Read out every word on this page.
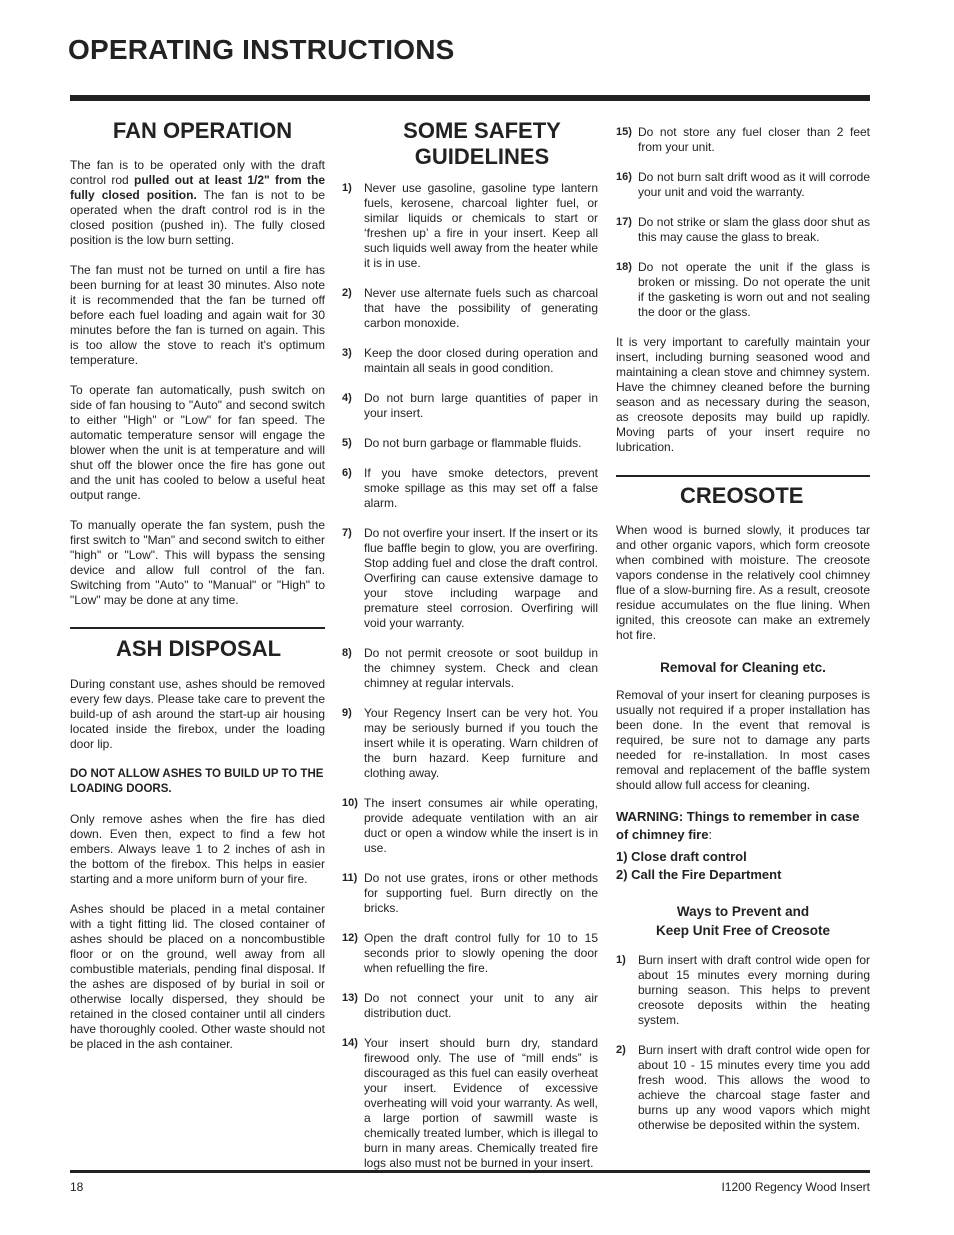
OPERATING INSTRUCTIONS
FAN OPERATION

The fan is to be operated only with the draft control rod pulled out at least 1/2" from the fully closed position. The fan is not to be operated when the draft control rod is in the closed position (pushed in). The fully closed position is the low burn setting.

The fan must not be turned on until a fire has been burning for at least 30 minutes. Also note it is recommended that the fan be turned off before each fuel loading and again wait for 30 minutes before the fan is turned on again. This is too allow the stove to reach it's optimum temperature.

To operate fan automatically, push switch on side of fan housing to "Auto" and second switch to either "High" or "Low" for fan speed. The automatic temperature sensor will engage the blower when the unit is at temperature and will shut off the blower once the fire has gone out and the unit has cooled to below a useful heat output range.

To manually operate the fan system, push the first switch to "Man" and second switch to either "high" or "Low". This will bypass the sensing device and allow full control of the fan. Switching from "Auto" to "Manual" or "High" to "Low" may be done at any time.

ASH DISPOSAL

During constant use, ashes should be removed every few days. Please take care to prevent the build-up of ash around the start-up air housing located inside the firebox, under the loading door lip.

DO NOT ALLOW ASHES TO BUILD UP TO THE LOADING DOORS.

Only remove ashes when the fire has died down. Even then, expect to find a few hot embers. Always leave 1 to 2 inches of ash in the bottom of the firebox. This helps in easier starting and a more uniform burn of your fire.

Ashes should be placed in a metal container with a tight fitting lid. The closed container of ashes should be placed on a noncombustible floor or on the ground, well away from all combustible materials, pending final disposal. If the ashes are disposed of by burial in soil or otherwise locally dispersed, they should be retained in the closed container until all cinders have thoroughly cooled. Other waste should not be placed in the ash container.

SOME SAFETY
GUIDELINES
1)	Never use gasoline, gasoline type lantern fuels, kerosene, charcoal lighter fuel, or similar liquids or chemicals to start or ‘freshen up’ a fire in your insert. Keep all such liquids well away from the heater while it is in use.
2)	Never use alternate fuels such as charcoal that have the possibility of generating carbon monoxide.
3)	Keep the door closed during operation and maintain all seals in good condition.
4)	Do not burn large quantities of paper in your insert.
5)	Do not burn garbage or flammable fluids.
6)	If you have smoke detectors, prevent smoke spillage as this may set off a false alarm.
7)	Do not overfire your insert. If the insert or its flue baffle begin to glow, you are overfiring. Stop adding fuel and close the draft control. Overfiring can cause extensive damage to your stove including warpage and premature steel corrosion. Overfiring will void your warranty.
8)	Do not permit creosote or soot buildup in the chimney system. Check and clean chimney at regular intervals.
9)	Your Regency Insert can be very hot. You may be seriously burned if you touch the insert while it is operating. Warn children of the burn hazard. Keep furniture and clothing away.
10) The insert consumes air while operating, provide adequate ventilation with an air duct or open a window while the insert is in use.
11) Do not use grates, irons or other methods for supporting fuel. Burn directly on the bricks.
12) Open the draft control fully for 10 to 15 seconds prior to slowly opening the door when refuelling the fire.
13) Do not connect your unit to any air distribution duct.
14) Your insert should burn dry, standard firewood only. The use of “mill ends” is discouraged as this fuel can easily overheat your insert. Evidence of excessive overheating will void your warranty. As well, a large portion of sawmill waste is chemically treated lumber, which is illegal to burn in many areas. Chemically treated fire logs also must not be burned in your insert.
15) Do not store any fuel closer than 2 feet from your unit.
16) Do not burn salt drift wood as it will corrode your unit and void the warranty.
17) Do not strike or slam the glass door shut as this may cause the glass to break.
18) Do not operate the unit if the glass is broken or missing. Do not operate the unit if the gasketing is worn out and not sealing the door or the glass.

It is very important to carefully maintain your insert, including burning seasoned wood and maintaining a clean stove and chimney system. Have the chimney cleaned before the burning season and as necessary during the season, as creosote deposits may build up rapidly. Moving parts of your insert require no lubrication.

CREOSOTE

When wood is burned slowly, it produces tar and other organic vapors, which form creosote when combined with moisture. The creosote vapors condense in the relatively cool chimney flue of a slow-burning fire. As a result, creosote residue accumulates on the flue lining. When ignited, this creosote can make an extremely hot fire.

Removal for Cleaning etc.

Removal of your insert for cleaning purposes is usually not required if a proper installation has been done. In the event that removal is required, be sure not to damage any parts needed for re-installation. In most cases removal and replacement of the baffle system should allow full access for cleaning.

WARNING: Things to remember in case of chimney fire:

1) Close draft control
2) Call the Fire Department

Ways to Prevent and
Keep Unit Free of Creosote

1)	Burn insert with draft control wide open for about 15 minutes every morning during burning season. This helps to prevent creosote deposits within the heating system.
2)	Burn insert with draft control wide open for about 10 - 15 minutes every time you add fresh wood. This allows the wood to achieve the charcoal stage faster and burns up any wood vapors which might otherwise be deposited within the system.
18	I1200 Regency Wood Insert
